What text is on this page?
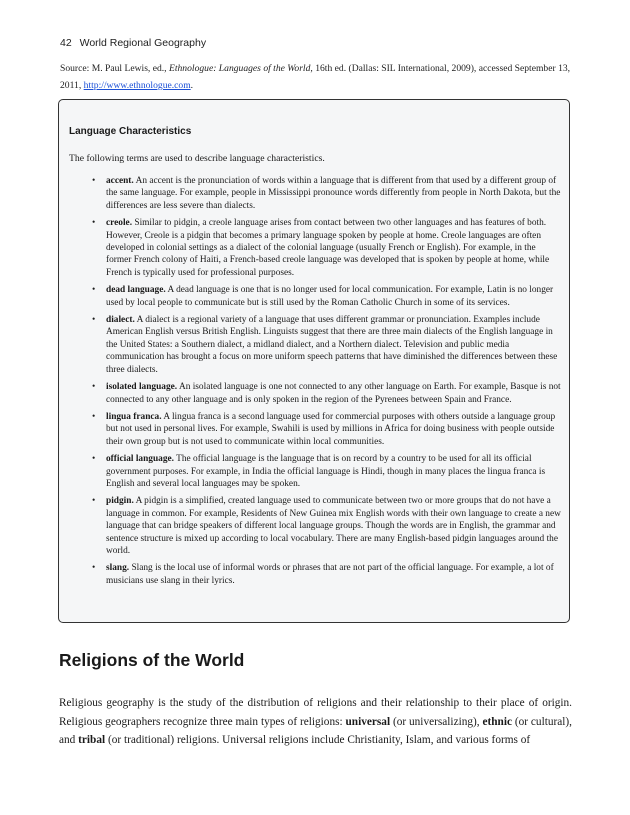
42 World Regional Geography
Source: M. Paul Lewis, ed., Ethnologue: Languages of the World, 16th ed. (Dallas: SIL International, 2009), accessed September 13, 2011, http://www.ethnologue.com.
Language Characteristics
The following terms are used to describe language characteristics.
• accent. An accent is the pronunciation of words within a language that is different from that used by a different group of the same language. For example, people in Mississippi pronounce words differently from people in North Dakota, but the differences are less severe than dialects.
• creole. Similar to pidgin, a creole language arises from contact between two other languages and has features of both. However, Creole is a pidgin that becomes a primary language spoken by people at home. Creole languages are often developed in colonial settings as a dialect of the colonial language (usually French or English). For example, in the former French colony of Haiti, a French-based creole language was developed that is spoken by people at home, while French is typically used for professional purposes.
• dead language. A dead language is one that is no longer used for local communication. For example, Latin is no longer used by local people to communicate but is still used by the Roman Catholic Church in some of its services.
• dialect. A dialect is a regional variety of a language that uses different grammar or pronunciation. Examples include American English versus British English. Linguists suggest that there are three main dialects of the English language in the United States: a Southern dialect, a midland dialect, and a Northern dialect. Television and public media communication has brought a focus on more uniform speech patterns that have diminished the differences between these three dialects.
• isolated language. An isolated language is one not connected to any other language on Earth. For example, Basque is not connected to any other language and is only spoken in the region of the Pyrenees between Spain and France.
• lingua franca. A lingua franca is a second language used for commercial purposes with others outside a language group but not used in personal lives. For example, Swahili is used by millions in Africa for doing business with people outside their own group but is not used to communicate within local communities.
• official language. The official language is the language that is on record by a country to be used for all its official government purposes. For example, in India the official language is Hindi, though in many places the lingua franca is English and several local languages may be spoken.
• pidgin. A pidgin is a simplified, created language used to communicate between two or more groups that do not have a language in common. For example, Residents of New Guinea mix English words with their own language to create a new language that can bridge speakers of different local language groups. Though the words are in English, the grammar and sentence structure is mixed up according to local vocabulary. There are many English-based pidgin languages around the world.
• slang. Slang is the local use of informal words or phrases that are not part of the official language. For example, a lot of musicians use slang in their lyrics.
Religions of the World

Religious geography is the study of the distribution of religions and their relationship to their place of origin. Religious geographers recognize three main types of religions: universal (or universalizing), ethnic (or cultural), and tribal (or traditional) religions. Universal religions include Christianity, Islam, and various forms of
